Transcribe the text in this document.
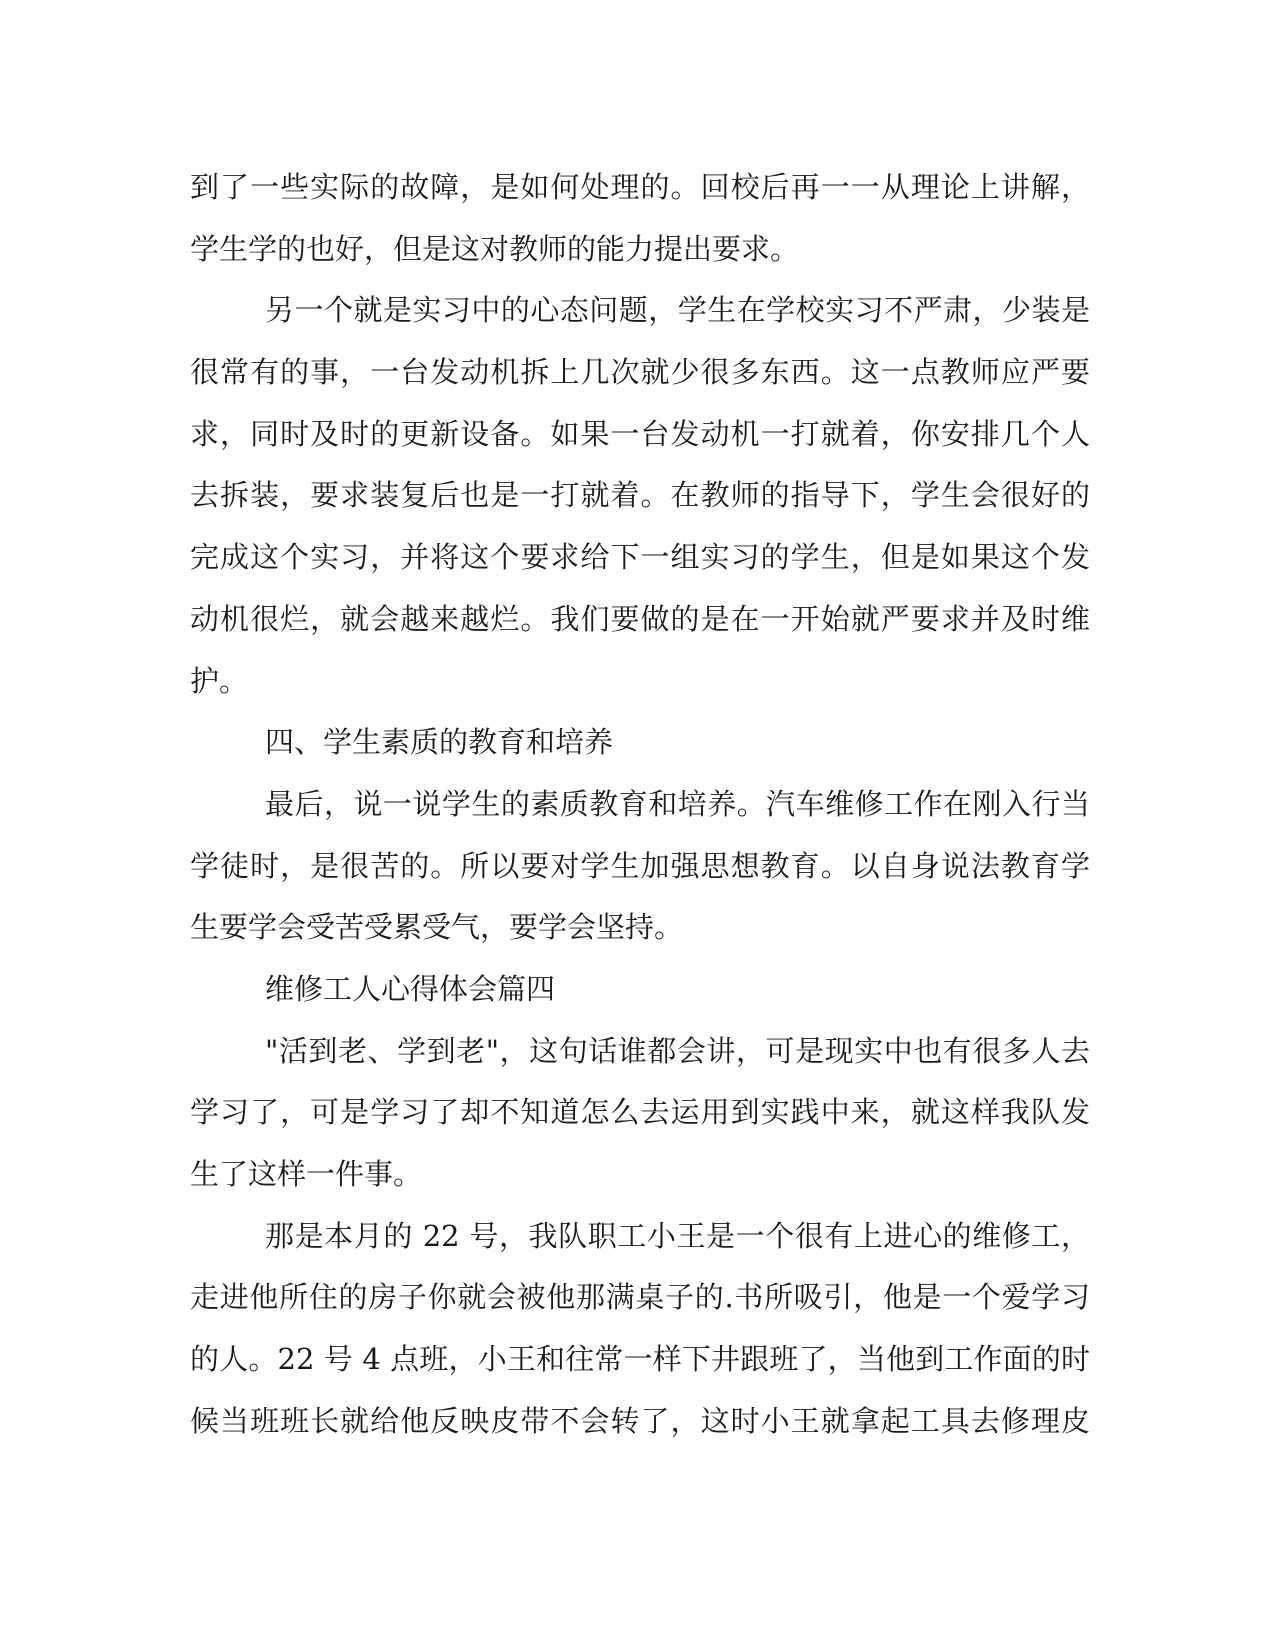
到了一些实际的故障，是如何处理的。回校后再一一从理论上讲解，
学生学的也好，但是这对教师的能力提出要求。
另一个就是实习中的心态问题，学生在学校实习不严肃，少装是
很常有的事，一台发动机拆上几次就少很多东西。这一点教师应严要
求，同时及时的更新设备。如果一台发动机一打就着，你安排几个人
去拆装，要求装复后也是一打就着。在教师的指导下，学生会很好的
完成这个实习，并将这个要求给下一组实习的学生，但是如果这个发
动机很烂，就会越来越烂。我们要做的是在一开始就严要求并及时维
护。
四、学生素质的教育和培养
最后，说一说学生的素质教育和培养。汽车维修工作在刚入行当
学徒时，是很苦的。所以要对学生加强思想教育。以自身说法教育学
生要学会受苦受累受气，要学会坚持。
维修工人心得体会篇四
"活到老、学到老"，这句话谁都会讲，可是现实中也有很多人去
学习了，可是学习了却不知道怎么去运用到实践中来，就这样我队发
生了这样一件事。
那是本月的 22 号，我队职工小王是一个很有上进心的维修工，
走进他所住的房子你就会被他那满桌子的.书所吸引，他是一个爱学习
的人。22 号 4 点班，小王和往常一样下井跟班了，当他到工作面的时
候当班班长就给他反映皮带不会转了，这时小王就拿起工具去修理皮
